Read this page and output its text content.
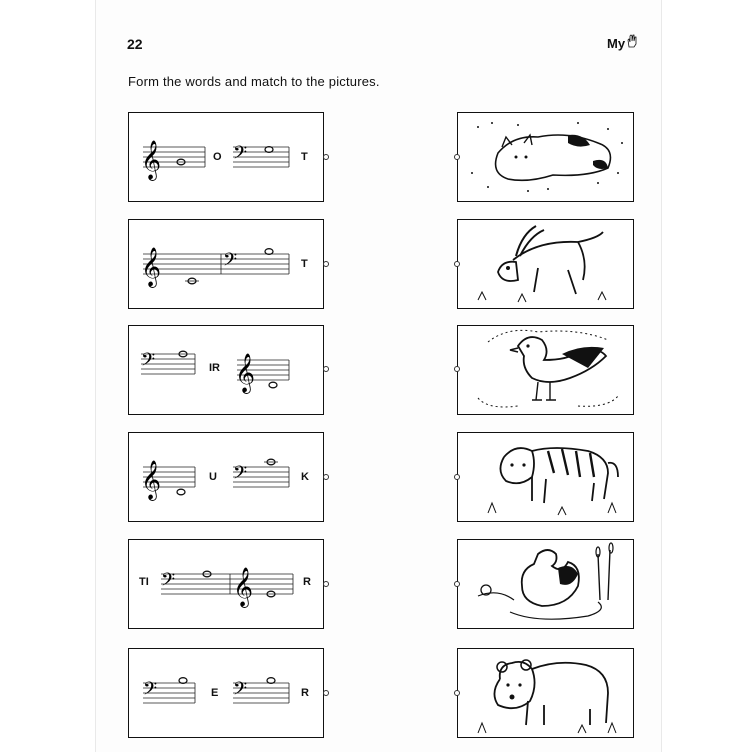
22	My
Form the words and match to the pictures.
𝄞	𝄢
O	T
𝄞	𝄢	T
𝄢 𝄞
IR
𝄞	𝄢
U	K
𝄢 𝄞
TI	R
𝄢	𝄢
E	R
